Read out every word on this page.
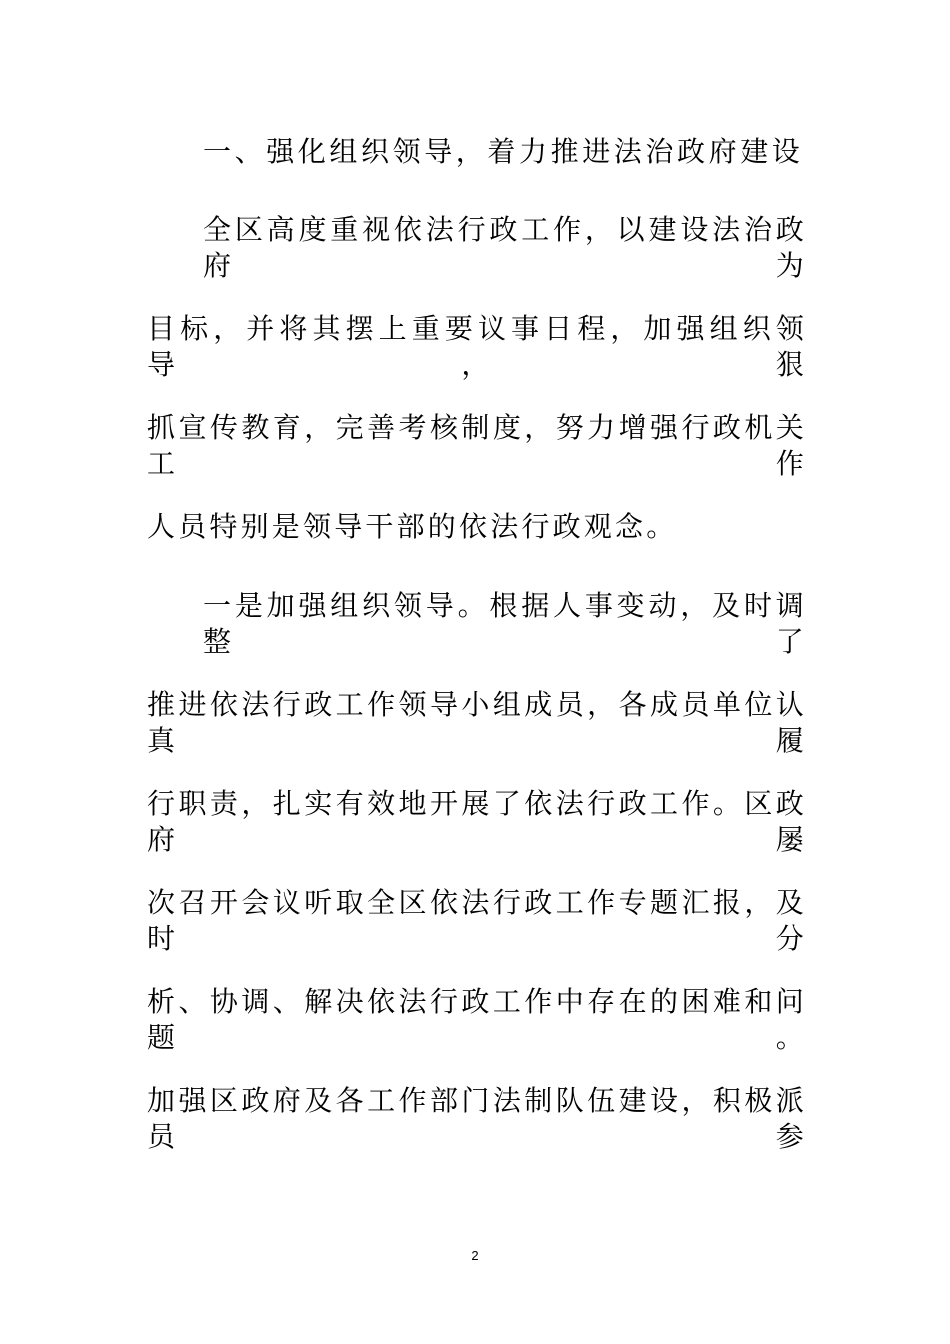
一、强化组织领导，着力推进法治政府建设
全区高度重视依法行政工作，以建设法治政府为
目标，并将其摆上重要议事日程，加强组织领导，狠
抓宣传教育，完善考核制度，努力增强行政机关工作
人员特别是领导干部的依法行政观念。
一是加强组织领导。根据人事变动，及时调整了
推进依法行政工作领导小组成员，各成员单位认真履
行职责，扎实有效地开展了依法行政工作。区政府屡
次召开会议听取全区依法行政工作专题汇报，及时分
析、协调、解决依法行政工作中存在的困难和问题。
加强区政府及各工作部门法制队伍建设，积极派员参
2
